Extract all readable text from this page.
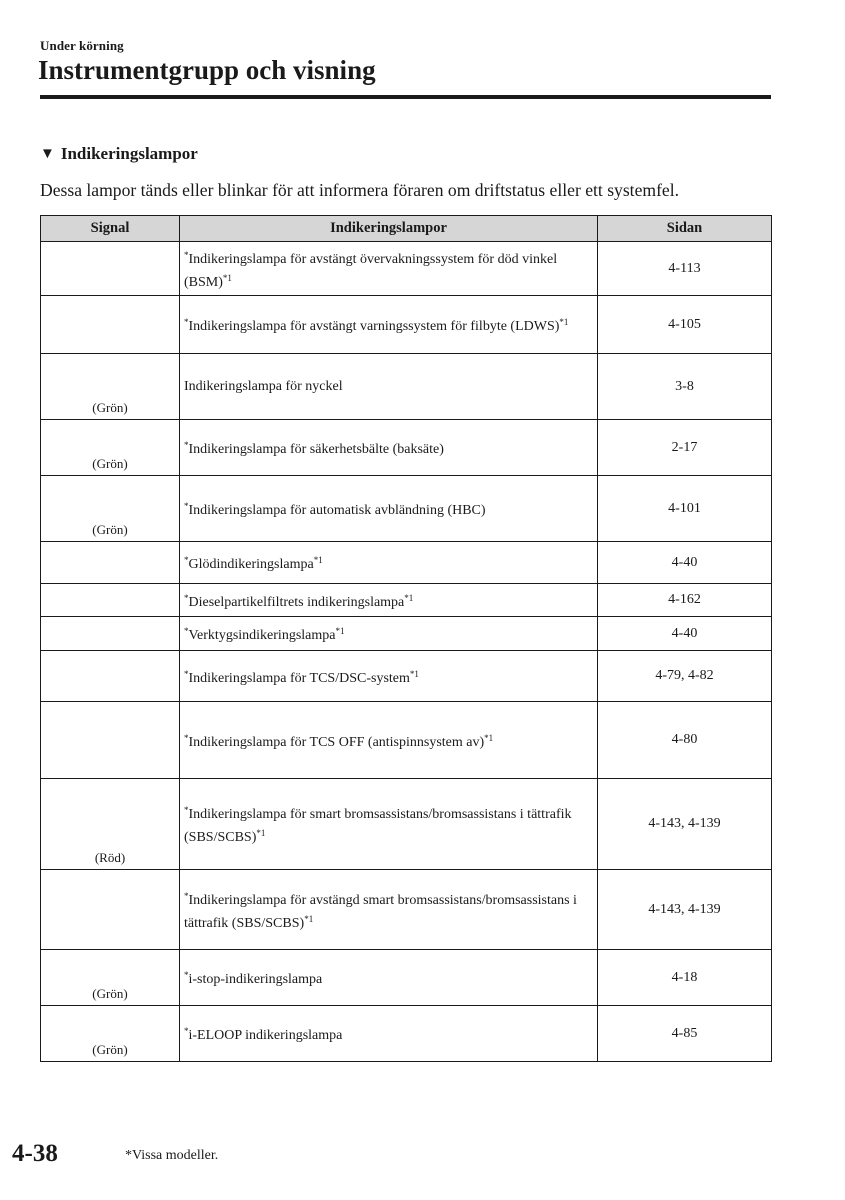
Under körning
Instrumentgrupp och visning
▼ Indikeringslampor
Dessa lampor tänds eller blinkar för att informera föraren om driftstatus eller ett systemfel.
Signal	Indikeringslampor	Sidan
	*Indikeringslampa för avstängt övervakningssystem för död vinkel (BSM)$^{*1}$	4-113
	*Indikeringslampa för avstängt varningssystem för filbyte (LDWS)$^{*1}$	4-105

(Grön)	Indikeringslampa för nyckel	3-8

(Grön)	*Indikeringslampa för säkerhetsbälte (baksäte)	2-17

(Grön)	*Indikeringslampa för automatisk avbländning (HBC)	4-101
	*Glödindikeringslampa$^{*1}$	4-40
	*Dieselpartikelfiltrets indikeringslampa$^{*1}$	4-162
	*Verktygsindikeringslampa$^{*1}$	4-40
	*Indikeringslampa för TCS/DSC-system$^{*1}$	4-79, 4-82
	*Indikeringslampa för TCS OFF (antispinnsystem av)$^{*1}$	4-80

(Röd)	*Indikeringslampa för smart bromsassistans/bromsassistans i tättrafik (SBS/SCBS)$^{*1}$	4-143, 4-139
	*Indikeringslampa för avstängd smart bromsassistans/bromsassistans i tättrafik (SBS/SCBS)$^{*1}$	4-143, 4-139

(Grön)	*i-stop-indikeringslampa	4-18

(Grön)	*i-ELOOP indikeringslampa	4-85
4-38	*Vissa modeller.
